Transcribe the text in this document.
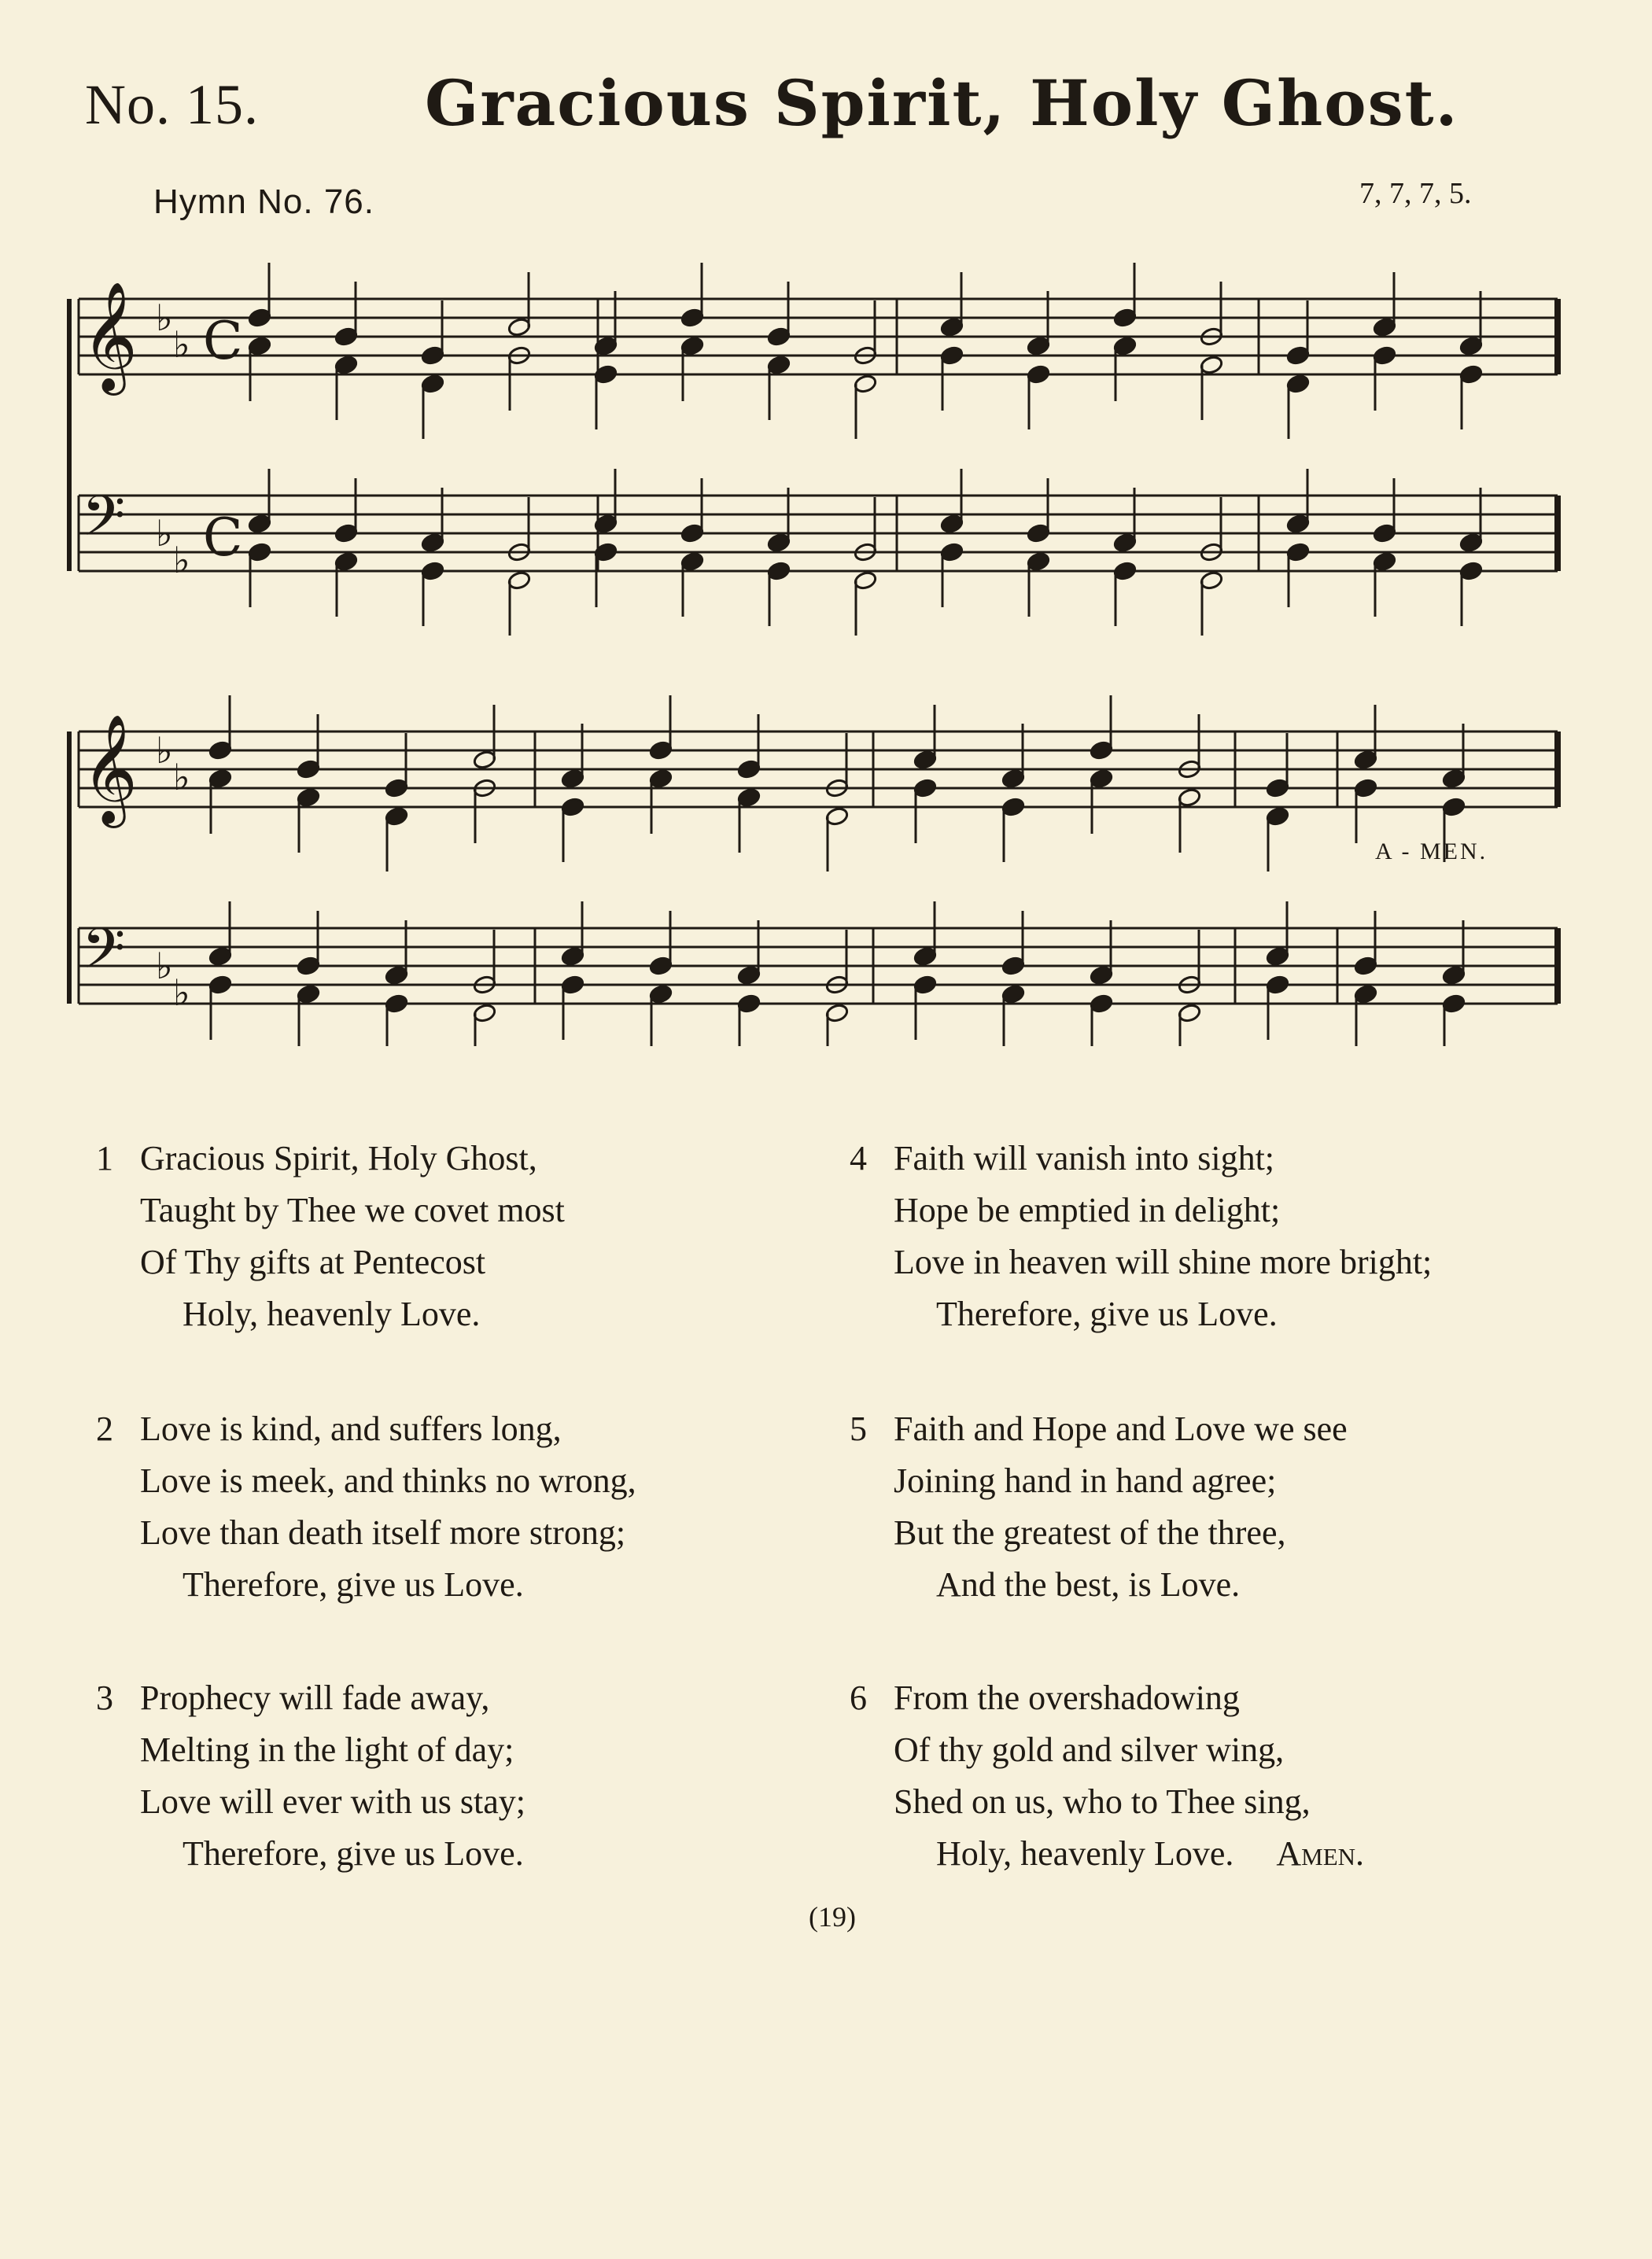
No. 15.	Gracious Spirit, Holy Ghost.
Hymn No. 76.	7, 7, 7, 5.
𝄞 ♭
♭ C
𝄢 ♭
♭ C
𝄞 ♭
♭
𝄢 ♭
♭
A - MEN.
1 Gracious Spirit, Holy Ghost,
Taught by Thee we covet most
Of Thy gifts at Pentecost
Holy, heavenly Love.
2 Love is kind, and suffers long,
Love is meek, and thinks no wrong,
Love than death itself more strong;
Therefore, give us Love.
3 Prophecy will fade away,
Melting in the light of day;
Love will ever with us stay;
Therefore, give us Love.
4 Faith will vanish into sight;
Hope be emptied in delight;
Love in heaven will shine more bright;
Therefore, give us Love.
5 Faith and Hope and Love we see
Joining hand in hand agree;
But the greatest of the three,
And the best, is Love.
6 From the overshadowing
Of thy gold and silver wing,
Shed on us, who to Thee sing,
Holy, heavenly Love. Amen.
(19)
